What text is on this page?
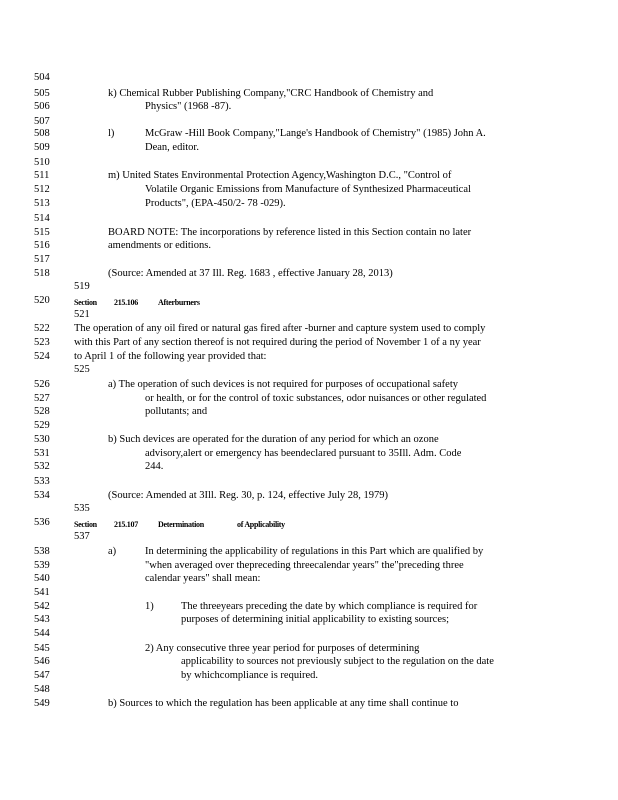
504
505	k) Chemical Rubber Publishing Company,"CRC Handbook of Chemistry and
506	Physics" (1968 -87).
507
508	l)	McGraw -Hill Book Company,"Lange's Handbook of Chemistry" (1985) John A.
509	Dean, editor.
510
511	m) United States Environmental Protection Agency,Washington D.C., "Control of
512	Volatile Organic Emissions from Manufacture of Synthesized Pharmaceutical
513	Products", (EPA-450/2- 78 -029).
514
515	BOARD NOTE: The incorporations by reference listed in this Section contain no later
516	amendments or editions.
517
518	(Source: Amended at 37 Ill. Reg. 1683 , effective January 28, 2013)
519
520	Section 215.106	Afterburners
521
522 The operation of any oil fired or natural gas fired after -burner and capture system used to comply
523 with this Part of any section thereof is not required during the period of November 1 of a ny year
524 to April 1 of the following year provided that:
525
526	a) The operation of such devices is not required for purposes of occupational safety
527	or health, or for the control of toxic substances, odor nuisances or other regulated
528	pollutants; and
529
530	b) Such devices are operated for the duration of any period for which an ozone
531	advisory,alert or emergency has beendeclared pursuant to 35Ill. Adm. Code
532	244.
533
534	(Source: Amended at 3Ill. Reg. 30, p. 124, effective July 28, 1979)
535
536	Section 215.107	Determination	of Applicability
537
538	a)	In determining the applicability of regulations in this Part which are qualified by
539	"when averaged over thepreceding threecalendar years" the"preceding three
540	calendar years" shall mean:
541
542	1)	The threeyears preceding the date by which compliance is required for
543	purposes of determining initial applicability to existing sources;
544
545	2) Any consecutive three year period for purposes of determining
546	applicability to sources not previously subject to the regulation on the date
547	by whichcompliance is required.
548
549	b) Sources to which the regulation has been applicable at any time shall continue to
